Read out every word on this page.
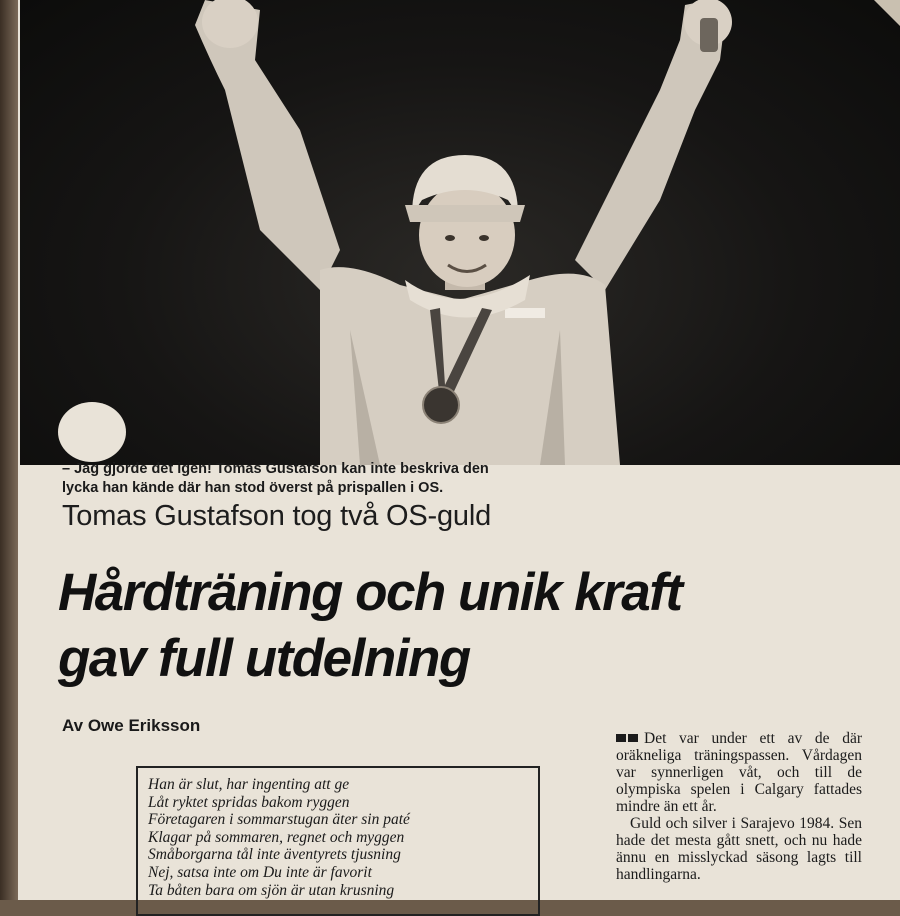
– Jag gjorde det igen! Tomas Gustafson kan inte beskriva den
lycka han kände där han stod överst på prispallen i OS.
Tomas Gustafson tog två OS-guld
Hårdträning och unik kraft
gav full utdelning
Av Owe Eriksson
Han är slut, har ingenting att ge
Låt ryktet spridas bakom ryggen
Företagaren i sommarstugan äter sin paté
Klagar på sommaren, regnet och myggen
Småborgarna tål inte äventyrets tjusning
Nej, satsa inte om Du inte är favorit
Ta båten bara om sjön är utan krusning

Det var under ett av de där oräkneliga träningspassen. Vårdagen var synnerligen våt, och till de olympiska spelen i Calgary fattades mindre än ett år.

Guld och silver i Sarajevo 1984. Sen hade det mesta gått snett, och nu hade ännu en misslyckad säsong lagts till handlingarna.
